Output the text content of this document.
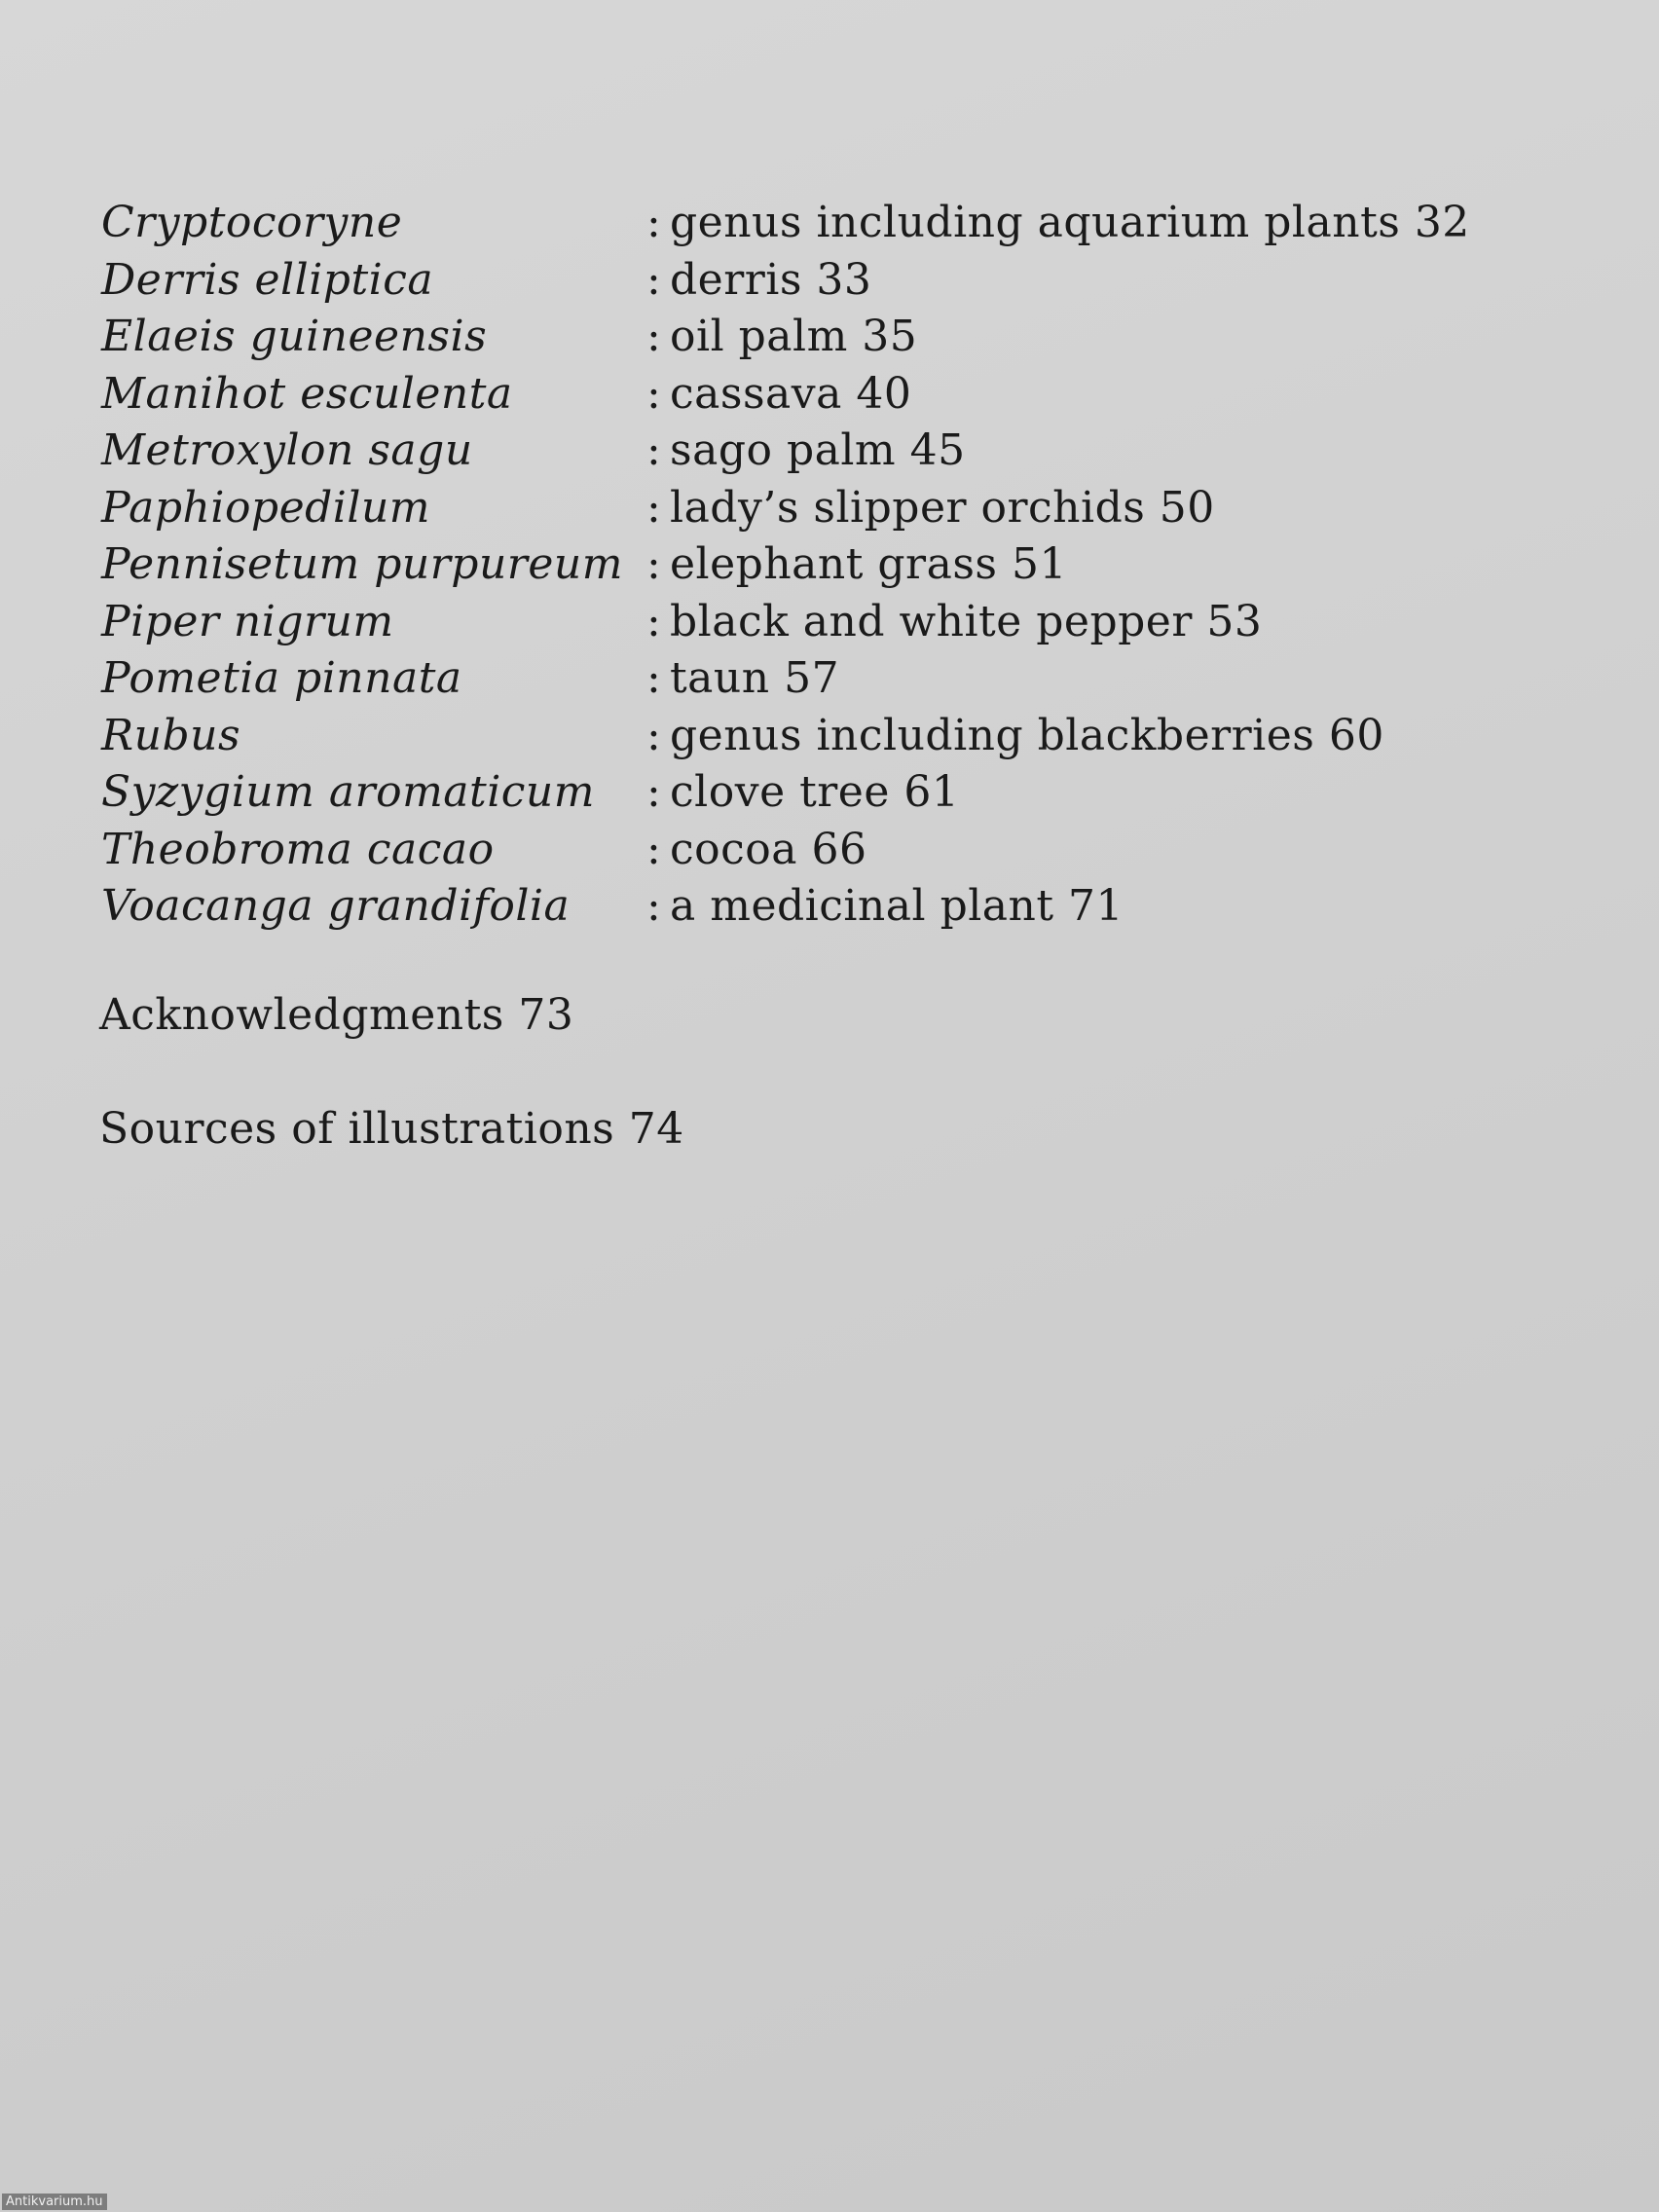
Cryptocoryne	: genus including aquarium plants 32
Derris elliptica	: derris 33
Elaeis guineensis	: oil palm 35
Manihot esculenta	: cassava 40
Metroxylon sagu	: sago palm 45
Paphiopedilum	: lady’s slipper orchids 50
Pennisetum purpureum : elephant grass 51
Piper nigrum	: black and white pepper 53
Pometia pinnata	: taun 57
Rubus	: genus including blackberries 60
Syzygium aromaticum	: clove tree 61
Theobroma cacao	: cocoa 66
Voacanga grandifolia	: a medicinal plant 71
Acknowledgments 73
Sources of illustrations 74
Antikvarium.hu
